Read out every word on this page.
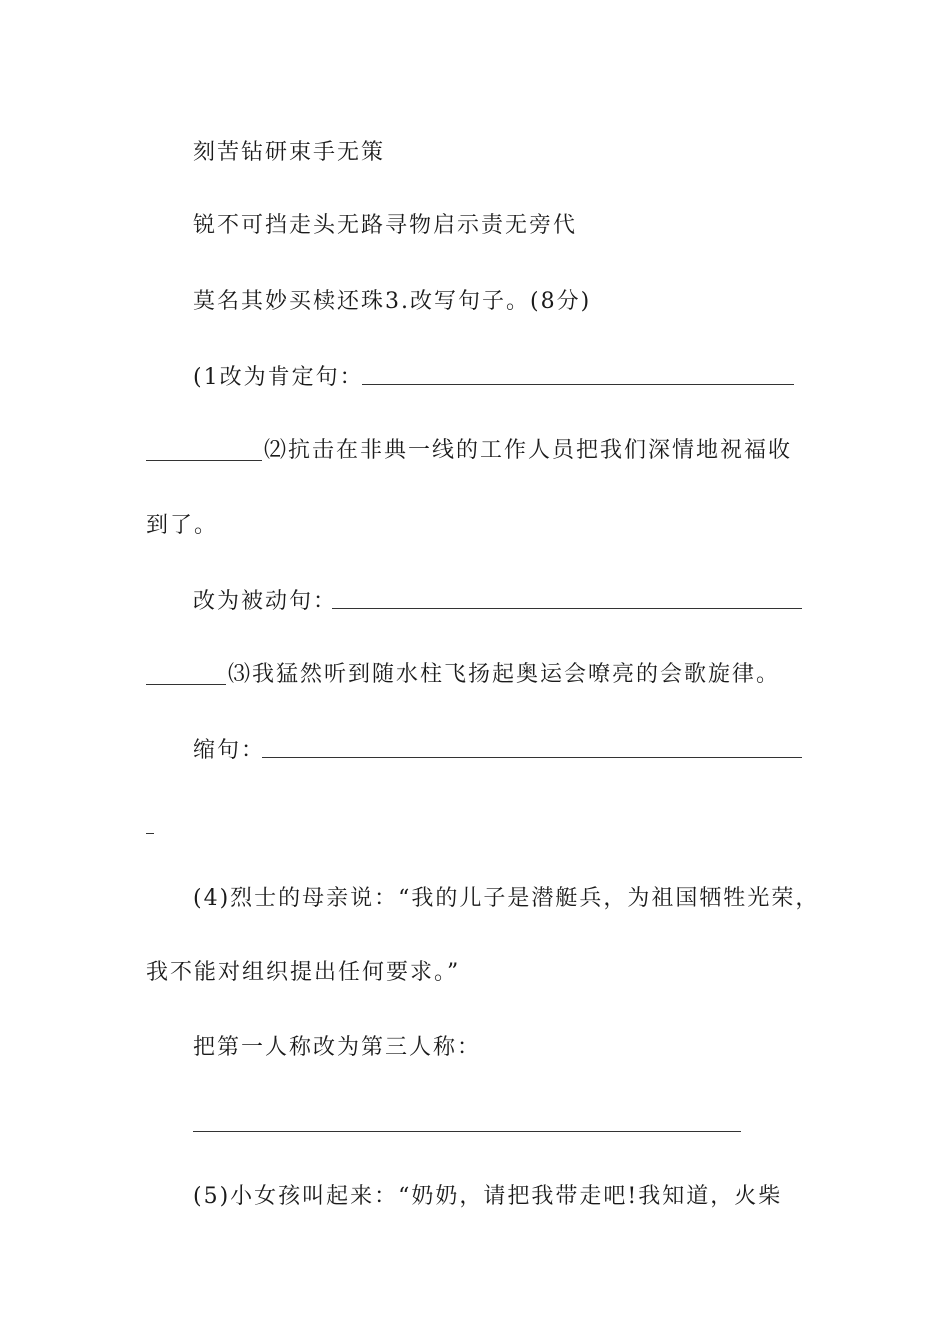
刻苦钻研束手无策
锐不可挡走头无路寻物启示责无旁代
莫名其妙买椟还珠3.改写句子。(8分)
(1改为肯定句：
⑵抗击在非典一线的工作人员把我们深情地祝福收
到了。
改为被动句：
⑶我猛然听到随水柱飞扬起奥运会嘹亮的会歌旋律。
缩句：
(4)烈士的母亲说：“我的儿子是潜艇兵，为祖国牺牲光荣，
我不能对组织提出任何要求。”
把第一人称改为第三人称：
(5)小女孩叫起来：“奶奶，请把我带走吧!我知道，火柴
